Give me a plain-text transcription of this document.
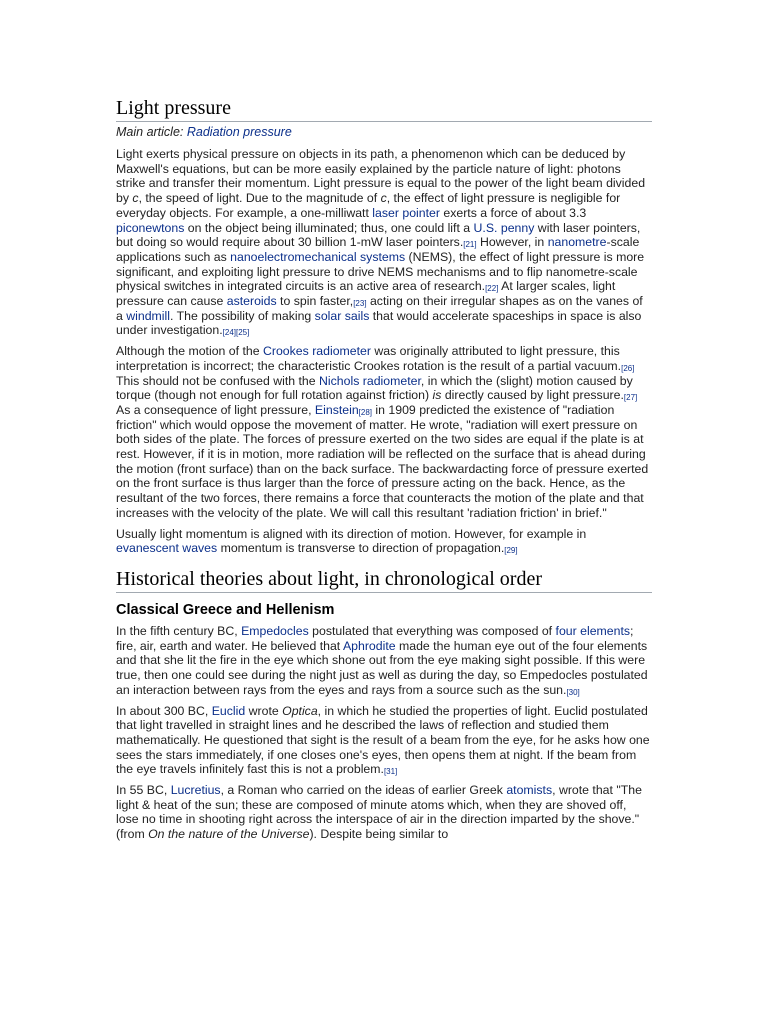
Light pressure
Main article: Radiation pressure

Light exerts physical pressure on objects in its path, a phenomenon which can be deduced by Maxwell's equations, but can be more easily explained by the particle nature of light: photons strike and transfer their momentum. Light pressure is equal to the power of the light beam divided by c, the speed of light. Due to the magnitude of c, the effect of light pressure is negligible for everyday objects. For example, a one-milliwatt laser pointer exerts a force of about 3.3 piconewtons on the object being illuminated; thus, one could lift a U.S. penny with laser pointers, but doing so would require about 30 billion 1-mW laser pointers.[21] However, in nanometre-scale applications such as nanoelectromechanical systems (NEMS), the effect of light pressure is more significant, and exploiting light pressure to drive NEMS mechanisms and to flip nanometre-scale physical switches in integrated circuits is an active area of research.[22] At larger scales, light pressure can cause asteroids to spin faster,[23] acting on their irregular shapes as on the vanes of a windmill. The possibility of making solar sails that would accelerate spaceships in space is also under investigation.[24][25]

Although the motion of the Crookes radiometer was originally attributed to light pressure, this interpretation is incorrect; the characteristic Crookes rotation is the result of a partial vacuum.[26] This should not be confused with the Nichols radiometer, in which the (slight) motion caused by torque (though not enough for full rotation against friction) is directly caused by light pressure.[27] As a consequence of light pressure, Einstein[28] in 1909 predicted the existence of "radiation friction" which would oppose the movement of matter. He wrote, "radiation will exert pressure on both sides of the plate. The forces of pressure exerted on the two sides are equal if the plate is at rest. However, if it is in motion, more radiation will be reflected on the surface that is ahead during the motion (front surface) than on the back surface. The backwardacting force of pressure exerted on the front surface is thus larger than the force of pressure acting on the back. Hence, as the resultant of the two forces, there remains a force that counteracts the motion of the plate and that increases with the velocity of the plate. We will call this resultant 'radiation friction' in brief."

Usually light momentum is aligned with its direction of motion. However, for example in evanescent waves momentum is transverse to direction of propagation.[29]

Historical theories about light, in chronological order
Classical Greece and Hellenism

In the fifth century BC, Empedocles postulated that everything was composed of four elements; fire, air, earth and water. He believed that Aphrodite made the human eye out of the four elements and that she lit the fire in the eye which shone out from the eye making sight possible. If this were true, then one could see during the night just as well as during the day, so Empedocles postulated an interaction between rays from the eyes and rays from a source such as the sun.[30]

In about 300 BC, Euclid wrote Optica, in which he studied the properties of light. Euclid postulated that light travelled in straight lines and he described the laws of reflection and studied them mathematically. He questioned that sight is the result of a beam from the eye, for he asks how one sees the stars immediately, if one closes one's eyes, then opens them at night. If the beam from the eye travels infinitely fast this is not a problem.[31]

In 55 BC, Lucretius, a Roman who carried on the ideas of earlier Greek atomists, wrote that "The light & heat of the sun; these are composed of minute atoms which, when they are shoved off, lose no time in shooting right across the interspace of air in the direction imparted by the shove." (from On the nature of the Universe). Despite being similar to
